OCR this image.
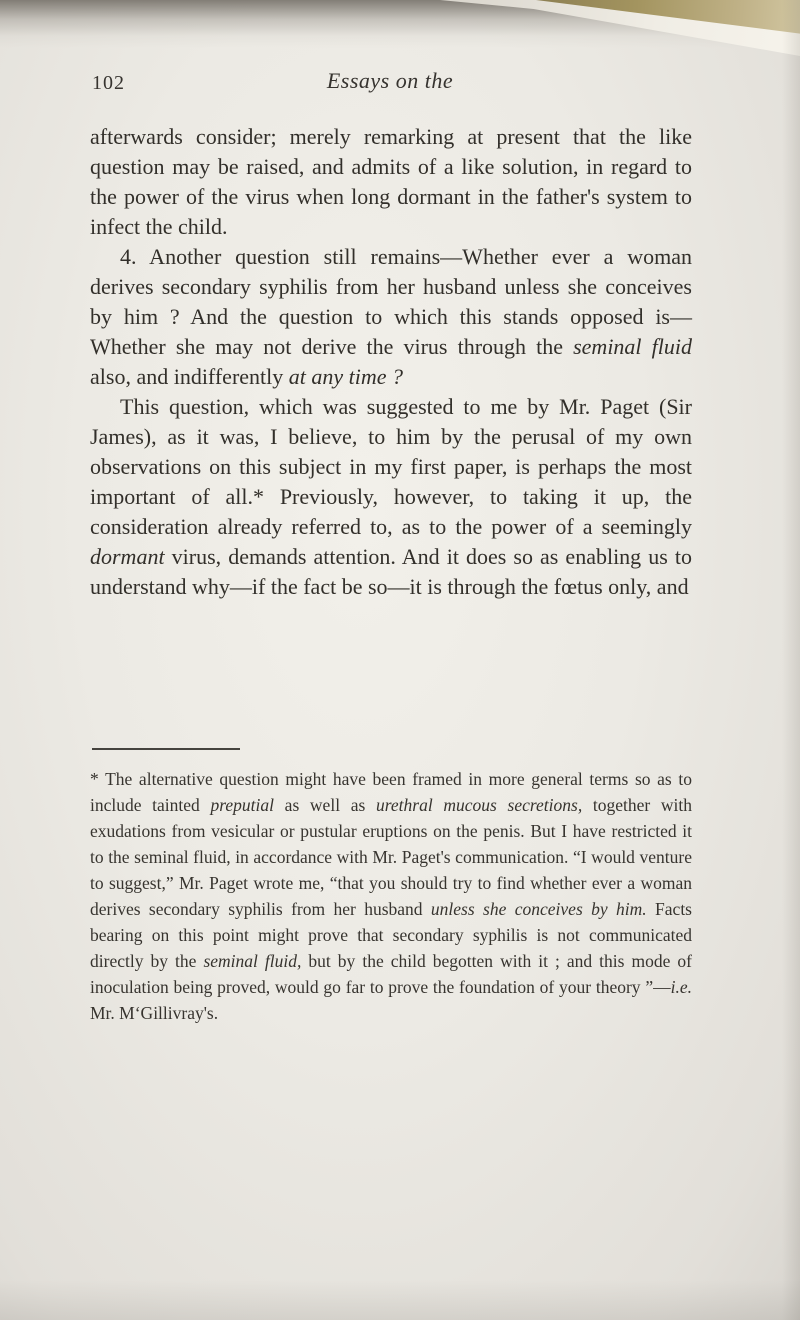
102	Essays on the

afterwards consider; merely remarking at present that the like question may be raised, and admits of a like solution, in regard to the power of the virus when long dormant in the father's system to infect the child.

4. Another question still remains—Whether ever a woman derives secondary syphilis from her husband unless she conceives by him ? And the question to which this stands opposed is—Whether she may not derive the virus through the seminal fluid also, and indifferently at any time ?

This question, which was suggested to me by Mr. Paget (Sir James), as it was, I believe, to him by the perusal of my own observations on this subject in my first paper, is perhaps the most important of all.* Previously, however, to taking it up, the consideration already referred to, as to the power of a seemingly dormant virus, demands attention. And it does so as enabling us to understand why—if the fact be so—it is through the fœtus only, and

* The alternative question might have been framed in more general terms so as to include tainted preputial as well as urethral mucous secretions, together with exudations from vesicular or pustular eruptions on the penis. But I have restricted it to the seminal fluid, in accordance with Mr. Paget's communication. “I would venture to suggest,” Mr. Paget wrote me, “that you should try to find whether ever a woman derives secondary syphilis from her husband unless she conceives by him. Facts bearing on this point might prove that secondary syphilis is not communicated directly by the seminal fluid, but by the child begotten with it ; and this mode of inoculation being proved, would go far to prove the foundation of your theory ”—i.e. Mr. M‘Gillivray's.
